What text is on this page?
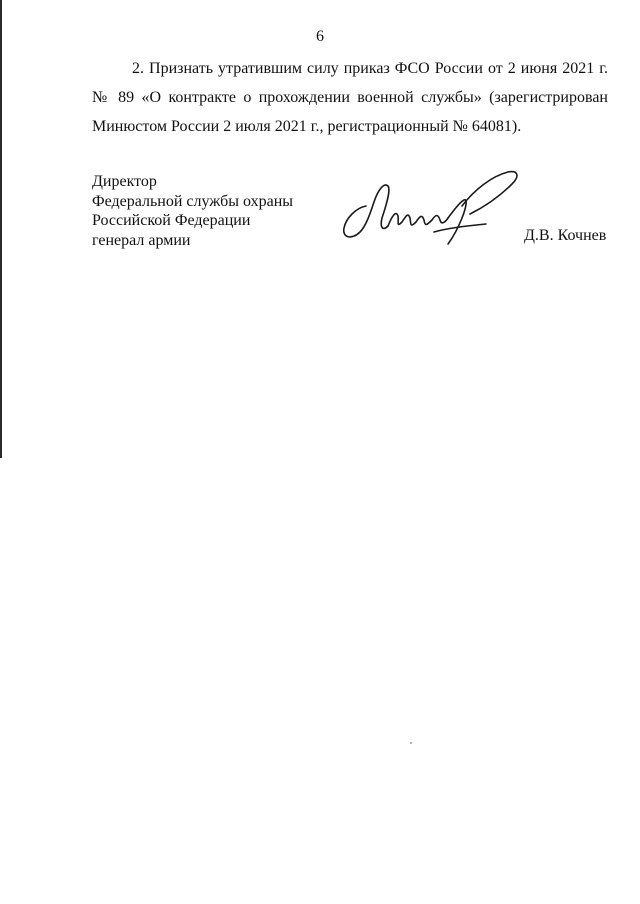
6
2. Признать утратившим силу приказ ФСО России от 2 июня 2021 г.
№ 89 «О контракте о прохождении военной службы» (зарегистрирован
Минюстом России 2 июля 2021 г., регистрационный № 64081).
Директор
Федеральной службы охраны
Российской Федерации
генерал армии	Д.В. Кочнев
